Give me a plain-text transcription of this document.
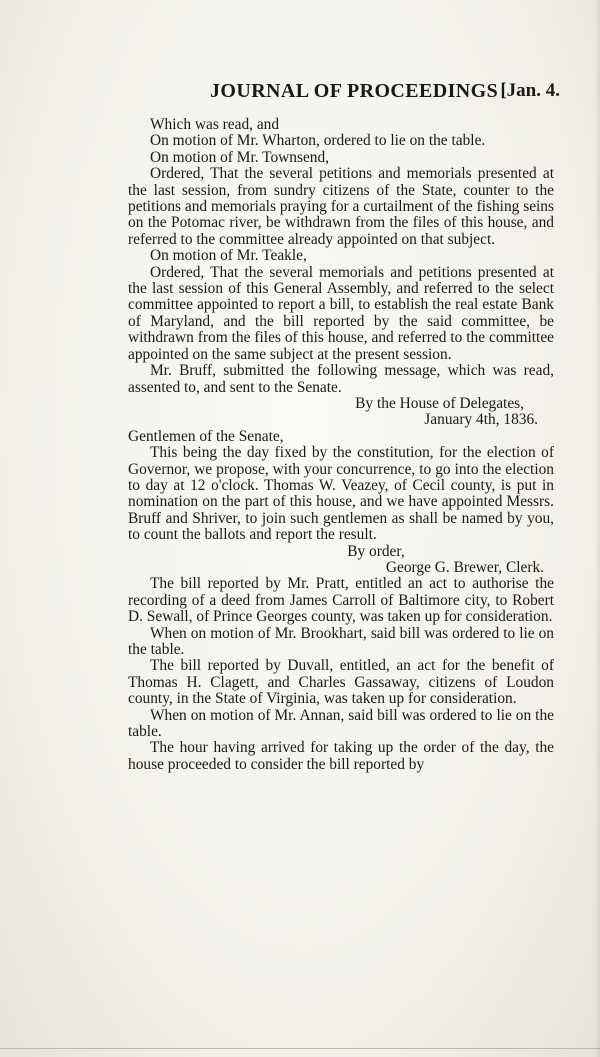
JOURNAL OF PROCEEDINGS [Jan. 4.

Which was read, and

On motion of Mr. Wharton, ordered to lie on the table.

On motion of Mr. Townsend,

Ordered, That the several petitions and memorials presented at the last session, from sundry citizens of the State, counter to the petitions and memorials praying for a curtailment of the fishing seins on the Potomac river, be withdrawn from the files of this house, and referred to the committee already appointed on that subject.

On motion of Mr. Teakle,

Ordered, That the several memorials and petitions presented at the last session of this General Assembly, and referred to the select committee appointed to report a bill, to establish the real estate Bank of Maryland, and the bill reported by the said committee, be withdrawn from the files of this house, and referred to the committee appointed on the same subject at the present session.

Mr. Bruff, submitted the following message, which was read, assented to, and sent to the Senate.

By the House of Delegates,

January 4th, 1836.

Gentlemen of the Senate,

This being the day fixed by the constitution, for the election of Governor, we propose, with your concurrence, to go into the election to day at 12 o'clock. Thomas W. Veazey, of Cecil county, is put in nomination on the part of this house, and we have appointed Messrs. Bruff and Shriver, to join such gentlemen as shall be named by you, to count the ballots and report the result.

By order,

George G. Brewer, Clerk.

The bill reported by Mr. Pratt, entitled an act to authorise the recording of a deed from James Carroll of Baltimore city, to Robert D. Sewall, of Prince Georges county, was taken up for consideration.

When on motion of Mr. Brookhart, said bill was ordered to lie on the table.

The bill reported by Duvall, entitled, an act for the benefit of Thomas H. Clagett, and Charles Gassaway, citizens of Loudon county, in the State of Virginia, was taken up for consideration.

When on motion of Mr. Annan, said bill was ordered to lie on the table.

The hour having arrived for taking up the order of the day, the house proceeded to consider the bill reported by
